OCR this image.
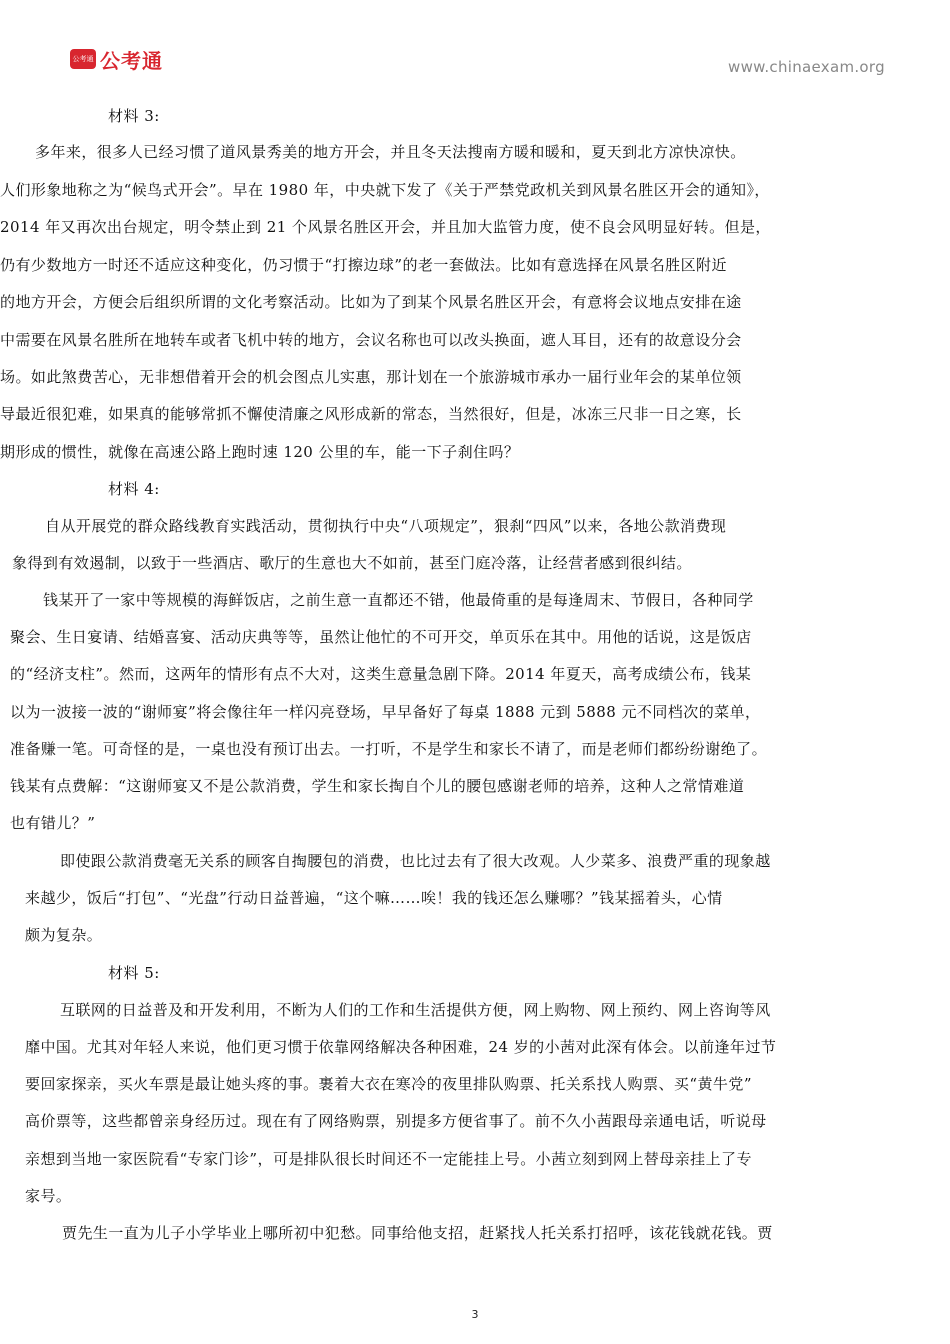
公考通 公考通	www.chinaexam.org
材料 3:
多年来，很多人已经习惯了道风景秀美的地方开会，并且冬天法搜南方暖和暖和，夏天到北方凉快凉快。
人们形象地称之为“候鸟式开会”。早在 1980 年，中央就下发了《关于严禁党政机关到风景名胜区开会的通知》，
2014 年又再次出台规定，明令禁止到 21 个风景名胜区开会，并且加大监管力度，使不良会风明显好转。但是，
仍有少数地方一时还不适应这种变化，仍习惯于“打擦边球”的老一套做法。比如有意选择在风景名胜区附近
的地方开会，方便会后组织所谓的文化考察活动。比如为了到某个风景名胜区开会，有意将会议地点安排在途
中需要在风景名胜所在地转车或者飞机中转的地方，会议名称也可以改头换面，遮人耳目，还有的故意设分会
场。如此煞费苦心，无非想借着开会的机会图点儿实惠，那计划在一个旅游城市承办一届行业年会的某单位领
导最近很犯难，如果真的能够常抓不懈使清廉之风形成新的常态，当然很好，但是，冰冻三尺非一日之寒，长
期形成的惯性，就像在高速公路上跑时速 120 公里的车，能一下子刹住吗？
材料 4:
自从开展党的群众路线教育实践活动，贯彻执行中央“八项规定”，狠刹“四风”以来，各地公款消费现
象得到有效遏制，以致于一些酒店、歌厅的生意也大不如前，甚至门庭冷落，让经营者感到很纠结。
钱某开了一家中等规模的海鲜饭店，之前生意一直都还不错，他最倚重的是每逢周末、节假日，各种同学
聚会、生日宴请、结婚喜宴、活动庆典等等，虽然让他忙的不可开交，单页乐在其中。用他的话说，这是饭店
的“经济支柱”。然而，这两年的情形有点不大对，这类生意量急剧下降。2014 年夏天，高考成绩公布，钱某
以为一波接一波的“谢师宴”将会像往年一样闪亮登场，早早备好了每桌 1888 元到 5888 元不同档次的菜单，
准备赚一笔。可奇怪的是，一桌也没有预订出去。一打听，不是学生和家长不请了，而是老师们都纷纷谢绝了。
钱某有点费解：“这谢师宴又不是公款消费，学生和家长掏自个儿的腰包感谢老师的培养，这种人之常情难道
也有错儿？”
即使跟公款消费毫无关系的顾客自掏腰包的消费，也比过去有了很大改观。人少菜多、浪费严重的现象越
来越少，饭后“打包”、“光盘”行动日益普遍，“这个嘛……唉！我的钱还怎么赚哪？”钱某摇着头，心情
颇为复杂。
材料 5:
互联网的日益普及和开发利用，不断为人们的工作和生活提供方便，网上购物、网上预约、网上咨询等风
靡中国。尤其对年轻人来说，他们更习惯于依靠网络解决各种困难，24 岁的小茜对此深有体会。以前逢年过节
要回家探亲，买火车票是最让她头疼的事。裹着大衣在寒冷的夜里排队购票、托关系找人购票、买“黄牛党”
高价票等，这些都曾亲身经历过。现在有了网络购票，别提多方便省事了。前不久小茜跟母亲通电话，听说母
亲想到当地一家医院看“专家门诊”，可是排队很长时间还不一定能挂上号。小茜立刻到网上替母亲挂上了专
家号。
贾先生一直为儿子小学毕业上哪所初中犯愁。同事给他支招，赶紧找人托关系打招呼，该花钱就花钱。贾
3
